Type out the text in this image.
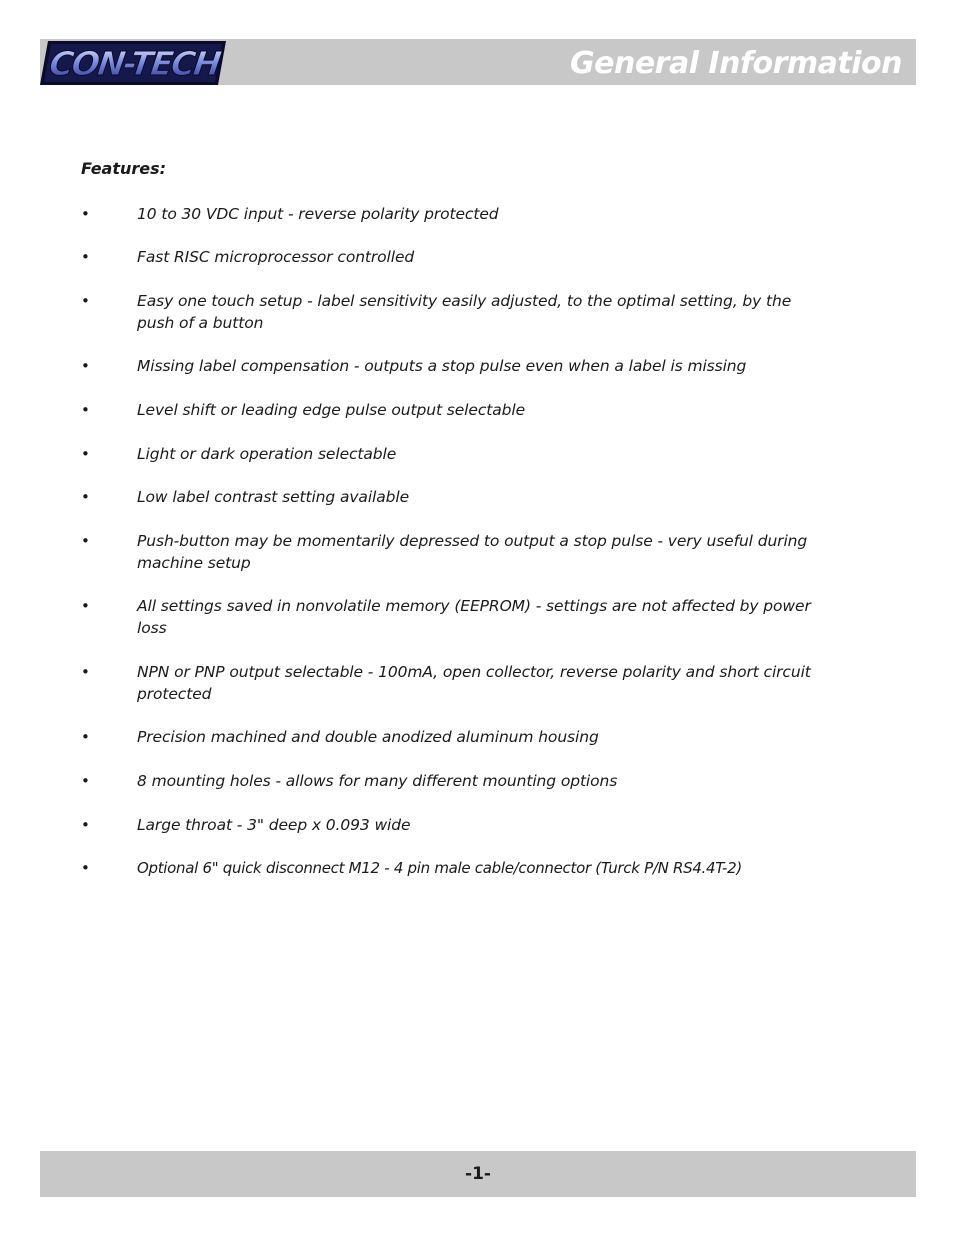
CON-TECH	General Information
Features:
•	10 to 30 VDC input - reverse polarity protected
•	Fast RISC microprocessor controlled
•	Easy one touch setup - label sensitivity easily adjusted, to the optimal setting, by the push of a button
•	Missing label compensation - outputs a stop pulse even when a label is missing
•	Level shift or leading edge pulse output selectable
•	Light or dark operation selectable
•	Low label contrast setting available
•	Push-button may be momentarily depressed to output a stop pulse - very useful during machine setup
•	All settings saved in nonvolatile memory (EEPROM) - settings are not affected by power loss
•	NPN or PNP output selectable - 100mA, open collector, reverse polarity and short circuit protected
•	Precision machined and double anodized aluminum housing
•	8 mounting holes - allows for many different mounting options
•	Large throat - 3" deep x 0.093 wide
•	Optional 6" quick disconnect M12 - 4 pin male cable/connector (Turck P/N RS4.4T-2)
-1-
